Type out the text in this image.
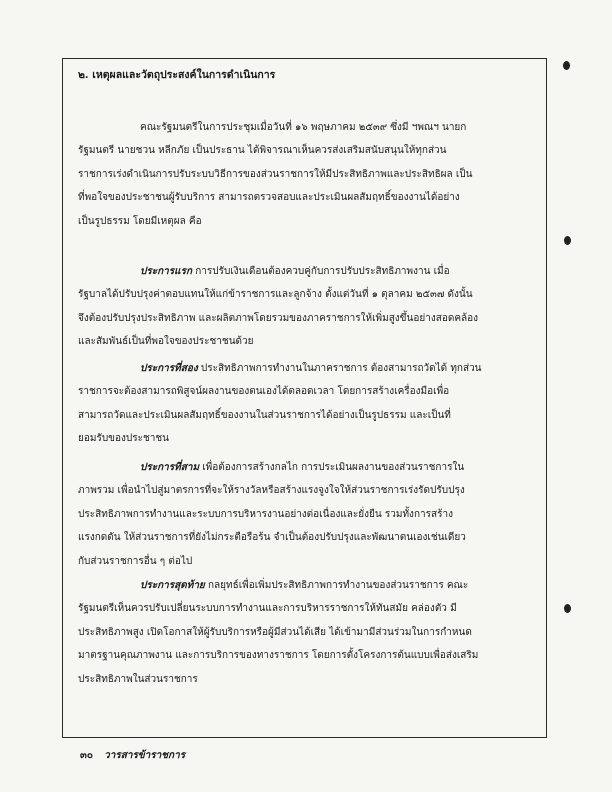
๒. เหตุผลและวัตถุประสงค์ในการดำเนินการ
คณะรัฐมนตรีในการประชุมเมื่อวันที่ ๑๖ พฤษภาคม ๒๕๓๙ ซึ่งมี ฯพณฯ นายก
รัฐมนตรี นายชวน หลีกภัย เป็นประธาน ได้พิจารณาเห็นควรส่งเสริมสนับสนุนให้ทุกส่วน
ราชการเร่งดำเนินการปรับระบบวิธีการของส่วนราชการให้มีประสิทธิภาพและประสิทธิผล เป็น
ที่พอใจของประชาชนผู้รับบริการ สามารถตรวจสอบและประเมินผลสัมฤทธิ์ของงานได้อย่าง
เป็นรูปธรรม โดยมีเหตุผล คือ
ประการแรก การปรับเงินเดือนต้องควบคู่กับการปรับประสิทธิภาพงาน เมื่อ
รัฐบาลได้ปรับปรุงค่าตอบแทนให้แก่ข้าราชการและลูกจ้าง ตั้งแต่วันที่ ๑ ตุลาคม ๒๕๓๗ ดังนั้น
จึงต้องปรับปรุงประสิทธิภาพ และผลิตภาพโดยรวมของภาคราชการให้เพิ่มสูงขึ้นอย่างสอดคล้อง
และสัมพันธ์เป็นที่พอใจของประชาชนด้วย
ประการที่สอง ประสิทธิภาพการทำงานในภาคราชการ ต้องสามารถวัดได้ ทุกส่วน
ราชการจะต้องสามารถพิสูจน์ผลงานของตนเองได้ตลอดเวลา โดยการสร้างเครื่องมือเพื่อ
สามารถวัดและประเมินผลสัมฤทธิ์ของงานในส่วนราชการได้อย่างเป็นรูปธรรม และเป็นที่
ยอมรับของประชาชน
ประการที่สาม เพื่อต้องการสร้างกลไก การประเมินผลงานของส่วนราชการใน
ภาพรวม เพื่อนำไปสู่มาตรการที่จะให้รางวัลหรือสร้างแรงจูงใจให้ส่วนราชการเร่งรัดปรับปรุง
ประสิทธิภาพการทำงานและระบบการบริหารงานอย่างต่อเนื่องและยั่งยืน รวมทั้งการสร้าง
แรงกดดัน ให้ส่วนราชการที่ยังไม่กระตือรือร้น จำเป็นต้องปรับปรุงและพัฒนาตนเองเช่นเดียว
กับส่วนราชการอื่น ๆ ต่อไป
ประการสุดท้าย กลยุทธ์เพื่อเพิ่มประสิทธิภาพการทำงานของส่วนราชการ คณะ
รัฐมนตรีเห็นควรปรับเปลี่ยนระบบการทำงานและการบริหารราชการให้ทันสมัย คล่องตัว มี
ประสิทธิภาพสูง เปิดโอกาสให้ผู้รับบริการหรือผู้มีส่วนได้เสีย ได้เข้ามามีส่วนร่วมในการกำหนด
มาตรฐานคุณภาพงาน และการบริการของทางราชการ โดยการตั้งโครงการต้นแบบเพื่อส่งเสริม
ประสิทธิภาพในส่วนราชการ
๓๐ วารสารข้าราชการ
